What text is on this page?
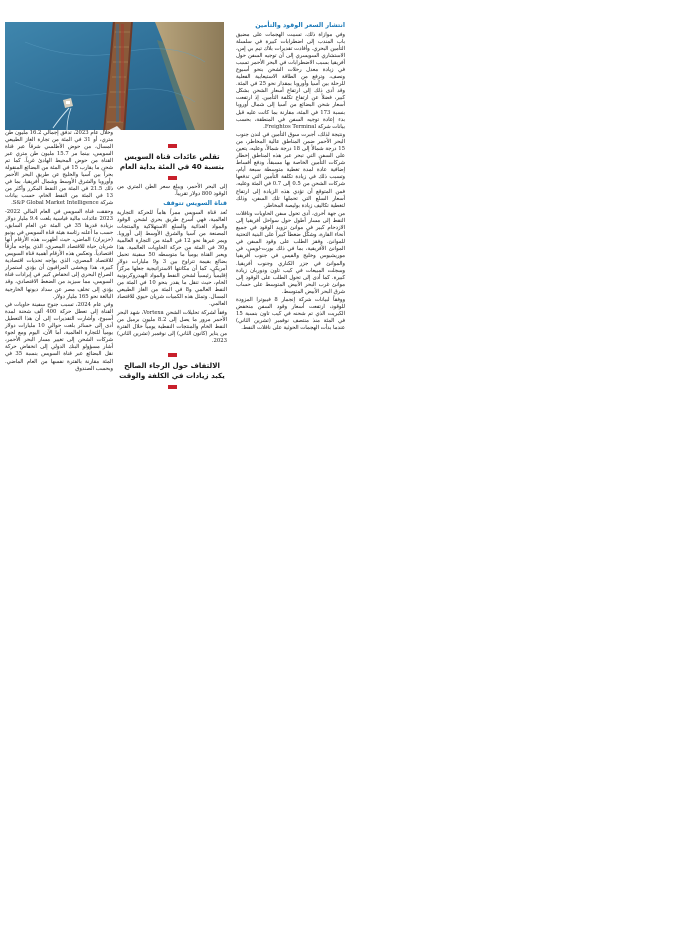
انتشار السعر الوقود والتأمين

وفي موازاة ذلك، تسببت الهجمات على مضيق باب المندب إلى اضطرابات كبيرة في سلسلة التأمين البحري. وأفادت تقديرات بلاك تيم بي إس، الاستشاري السويسري إلى أن توجيه السفن حول أفريقيا بسبب الاضطرابات في البحر الأحمر تسبب في زيادة معدل رحلات الشحن بنحو أسبوع ونصف، وترفع من الطاقة الاستيعابية الفعلية للرحلة بين آسيا وأوروبا بمقدار نحو 25 في المئة. وقد أدى ذلك إلى ارتفاع أسعار الشحن بشكل كبير، فضلاً عن ارتفاع تكلفة التأمين. إذ ارتفعت أسعار شحن البضائع من آسيا إلى شمال أوروبا بنسبة 173 في المئة، مقارنة بما كانت عليه قبل بدء إعادة توجيه السفن في المنطقة، بحسب بيانات شركة Freightos Terminal.

ونتيجة لذلك، أجبرت سوق التأمين في لندن جنوب البحر الأحمر ضمن المناطق عالية المخاطر، من 15 درجة شمالاً إلى 18 درجة شمالاً، وعليه، يتعين على السفن التي تبحر عبر هذه المناطق إخطار شركات التأمين الخاصة بها مسبقاً، ودفع أقساط إضافية عادة لمدة تغطية متوسطة سبعة أيام، وتسبب ذلك في زيادة تكلفة التأمين التي تدفعها شركات الشحن من 0.5 إلى 0.7 في المئة وعليه، فمن المتوقع أن تؤدي هذه الزيادة إلى ارتفاع أسعار السلع التي تحملها تلك السفن، وذلك لتغطية تكاليف زيادة بوليصة المخاطر.

من جهة أخرى، أدى تحول سفن الحاويات وناقلات النفط إلى مسار أطول حول سواحل أفريقيا إلى الازدحام كبير في موانئ تزويد الوقود في جميع أنحاء القارة، وشكّل ضغطاً كبيراً على البنية التحتية للموانئ. وفقز الطلب على وقود السفن في الموانئ الأفريقية، بما في ذلك بورت-لويس، في موريشيوس وخليج والفيس في جنوب أفريقيا والموانئ في جزر الكناري وجنوب أفريقيا. وسجلت المبيعات في كيب تاون ودوربان زيادة كبيرة. كما أدى إلى تحول الطلب على الوقود إلى موانئ غرب البحر الأبيض المتوسط على حساب شرق البحر الأبيض المتوسط.

ووفقاً لبيانات شركة إنجمار 8 فيبوترا المزودة للوقود، ارتفعت أسعار وقود السفن منخفض الكبريت الذي تم شحنه في كيب تاون بنسبة 15 في المئة منذ منتصف نوفمبر (تشرين الثاني) عندما بدأت الهجمات الحوثية على ناقلات النفط.

تقلص عائدات قناة السويس بنسبة 40 في المئة بداية العام

إلى البحر الأحمر، ويبلغ سعر الطن المتري من الوقود 800 دولار تقريباً.

قناة السويس تتوقف

تُعد قناة السويس ممراً هاماً للحركة التجارية العالمية، فهي أسرع طريق بحري لشحن الوقود والمواد الغذائية والسلع الاستهلاكية والمنتجات المصنعة من آسيا والشرق الأوسط إلى أوروبا. ويمر عبرها نحو 12 في المئة من التجارة العالمية و30 في المئة من حركة الحاويات العالمية. هذا ويعبر القناة يومياً ما متوسطه 50 سفينة تحمل بضائع بقيمة تتراوح بين 3 و9 مليارات دولار أمريكي، كما أن مكانتها الاستراتيجية جعلها مركزاً إقليمياً رئيسياً لشحن النفط والمواد الهيدروكربونية الخام، حيث تنقل ما يقدر بنحو 10 في المئة من النفط العالمي و8 في المئة من الغاز الطبيعي المسال. وتمثل هذه الكميات شريان حيوي للاقتصاد العالمي.

وفقاً لشركة تحليلات الشحن Vortexa، شهد البحر الأحمر مرور ما يصل إلى 8.2 مليون برميل من النفط الخام والمنتجات النفطية يومياً خلال الفترة من يناير (كانون الثاني) إلى نوفمبر (تشرين الثاني) 2023.

الالتفاف حول الرجاء الصالح يكبد زيادات في الكلفة والوقت

وخلال عام 2023، تدفق إجمالي 16.2 مليون طن متري، أو 31 في المئة من تجارة الغاز الطبيعي المسال، من حوض الأطلسي شرقاً عبر قناة السويس، بينما مر 15.7 مليون طن متري عبر القناة من حوض المحيط الهادئ غرباً. كما تم شحن ما يقارب 15 في المئة من البضائع المنقولة بحراً بين آسيا والخليج عن طريق البحر الأحمر وأوروبا والشرق الأوسط وشمال أفريقيا، بما في ذلك 21.5 في المئة من النفط المكرر وأكثر من 13 في المئة من النفط الخام، حسب بيانات شركة S&P Global Market Intelligence.

وحققت قناة السويس في العام المالي 2022-2023 عائدات مالية قياسية بلغت 9.4 مليار دولار بزيادة قدرها 35 في المئة عن العام السابق، حسب ما أعلنه رئاسة هيئة قناة السويس في يونيو (حزيران) الماضي، حيث أظهرت هذه الأرقام أنها شريان حياة للاقتصاد المصري، الذي يواجه مأزقاً اقتصادياً. وتعكس هذه الأرقام أهمية قناة السويس للاقتصاد المصري، الذي يواجه تحديات اقتصادية كبيرة، هذا ويخشى المراقبون أن يؤدي استمرار الصراع البحري إلى انخفاض كبير في إيرادات قناة السويس، مما سيزيد من الضغط الاقتصادي، وقد يؤدي إلى تخلف مصر عن سداد ديونها الخارجية البالغة نحو 165 مليار دولار.

وفي عام 2024، تسبب جنوح سفينة حاويات في القناة إلى تعطل حركة 400 ألف شحنة لمدة أسبوع، وأشارت التقديرات إلى أن هذا التعطيل أدى إلى خسائر بلغت حوالي 10 مليارات دولار يومياً للتجارة العالمية، أما الآن، اليوم ومع لجوء شركات الشحن إلى تغيير مسار البحر الأحمر، أشار مسؤولو البنك الدولي إلى انخفاض حركة نقل البضائع عبر قناة السويس بنسبة 35 في المئة مقارنة بالفترة نفسها من العام الماضي. وبحسب الصندوق
